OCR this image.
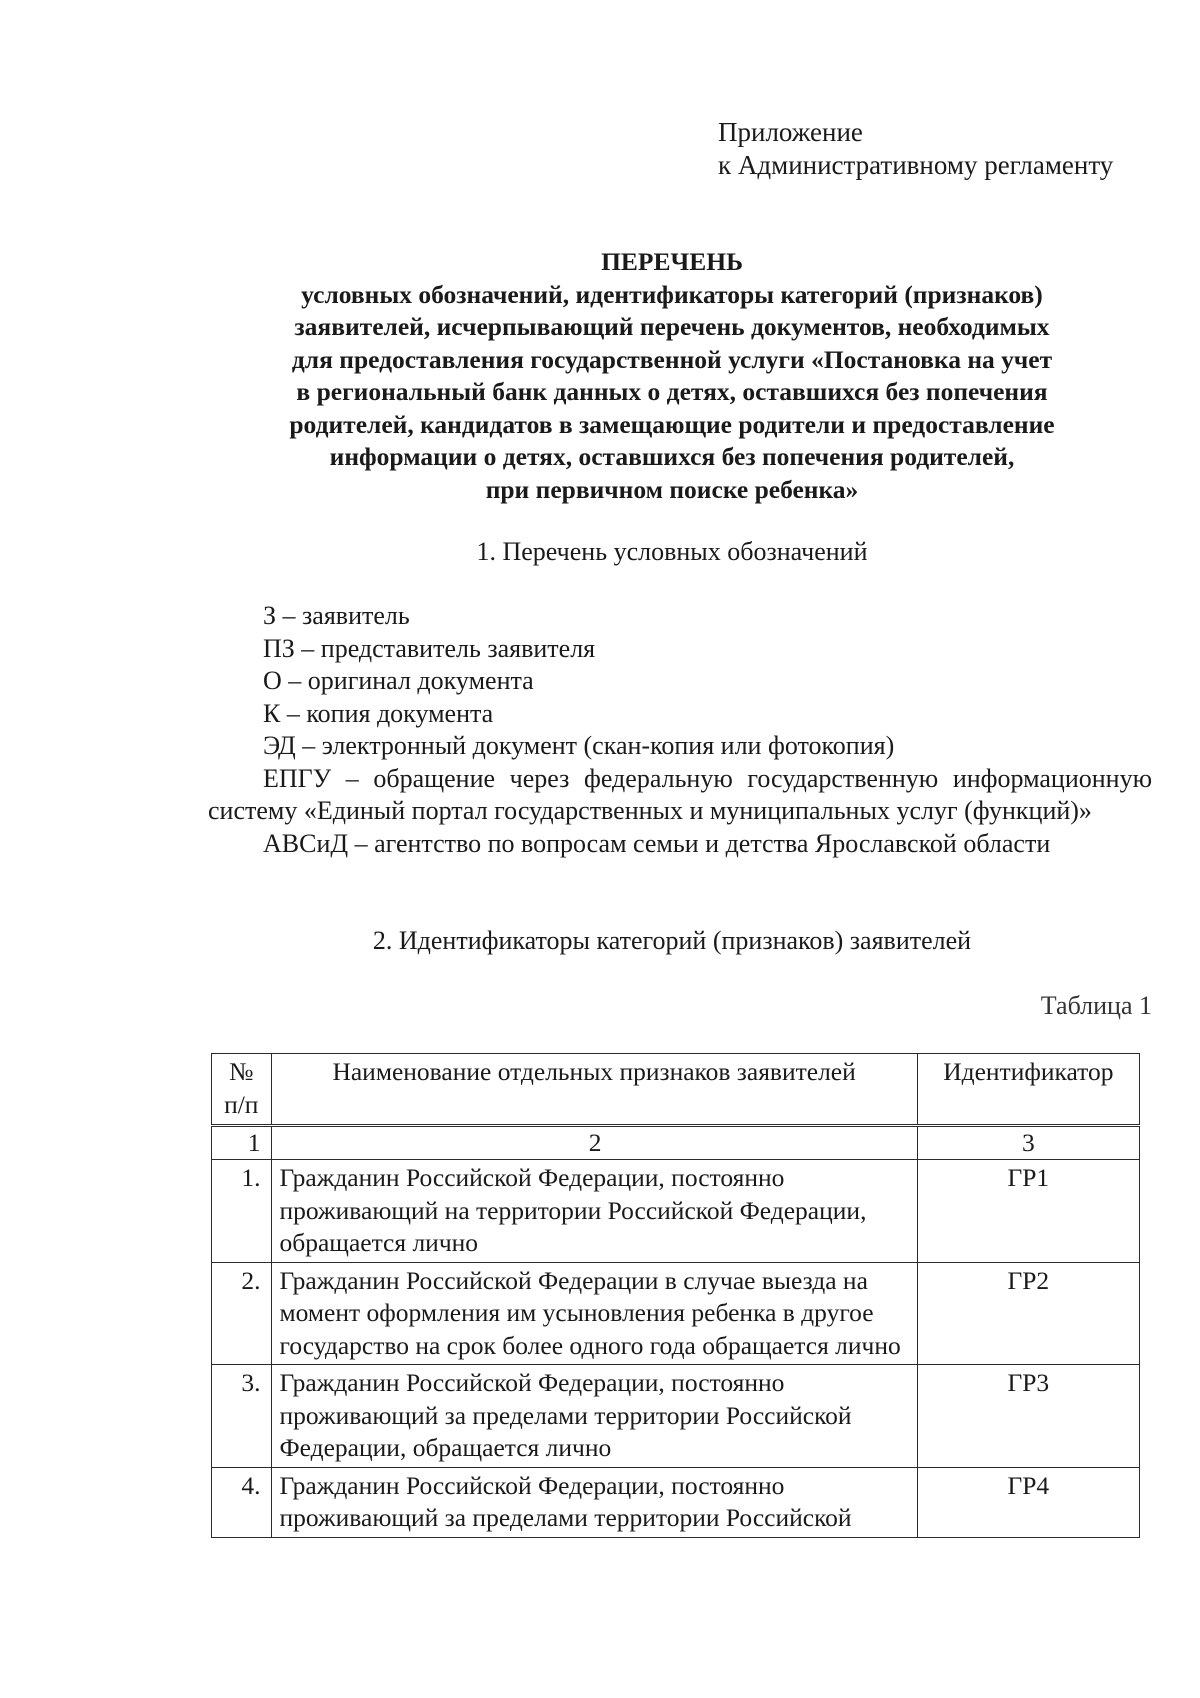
Приложение
к Административному регламенту
ПЕРЕЧЕНЬ
условных обозначений, идентификаторы категорий (признаков)
заявителей, исчерпывающий перечень документов, необходимых
для предоставления государственной услуги «Постановка на учет
в региональный банк данных о детях, оставшихся без попечения
родителей, кандидатов в замещающие родители и предоставление
информации о детях, оставшихся без попечения родителей,
при первичном поиске ребенка»
1. Перечень условных обозначений

З – заявитель

ПЗ – представитель заявителя

О – оригинал документа

К – копия документа

ЭД – электронный документ (скан-копия или фотокопия)

ЕПГУ – обращение через федеральную государственную информационную систему «Единый портал государственных и муниципальных услуг (функций)»

АВСиД – агентство по вопросам семьи и детства Ярославской области

2. Идентификаторы категорий (признаков) заявителей
Таблица 1
№ п/п	Наименование отдельных признаков заявителей	Идентификатор
1	2	3
1.	Гражданин Российской Федерации, постоянно проживающий на территории Российской Федерации, обращается лично	ГР1
2.	Гражданин Российской Федерации в случае выезда на момент оформления им усыновления ребенка в другое государство на срок более одного года обращается лично	ГР2
3.	Гражданин Российской Федерации, постоянно проживающий за пределами территории Российской Федерации, обращается лично	ГР3
4.	Гражданин Российской Федерации, постоянно проживающий за пределами территории Российской	ГР4
